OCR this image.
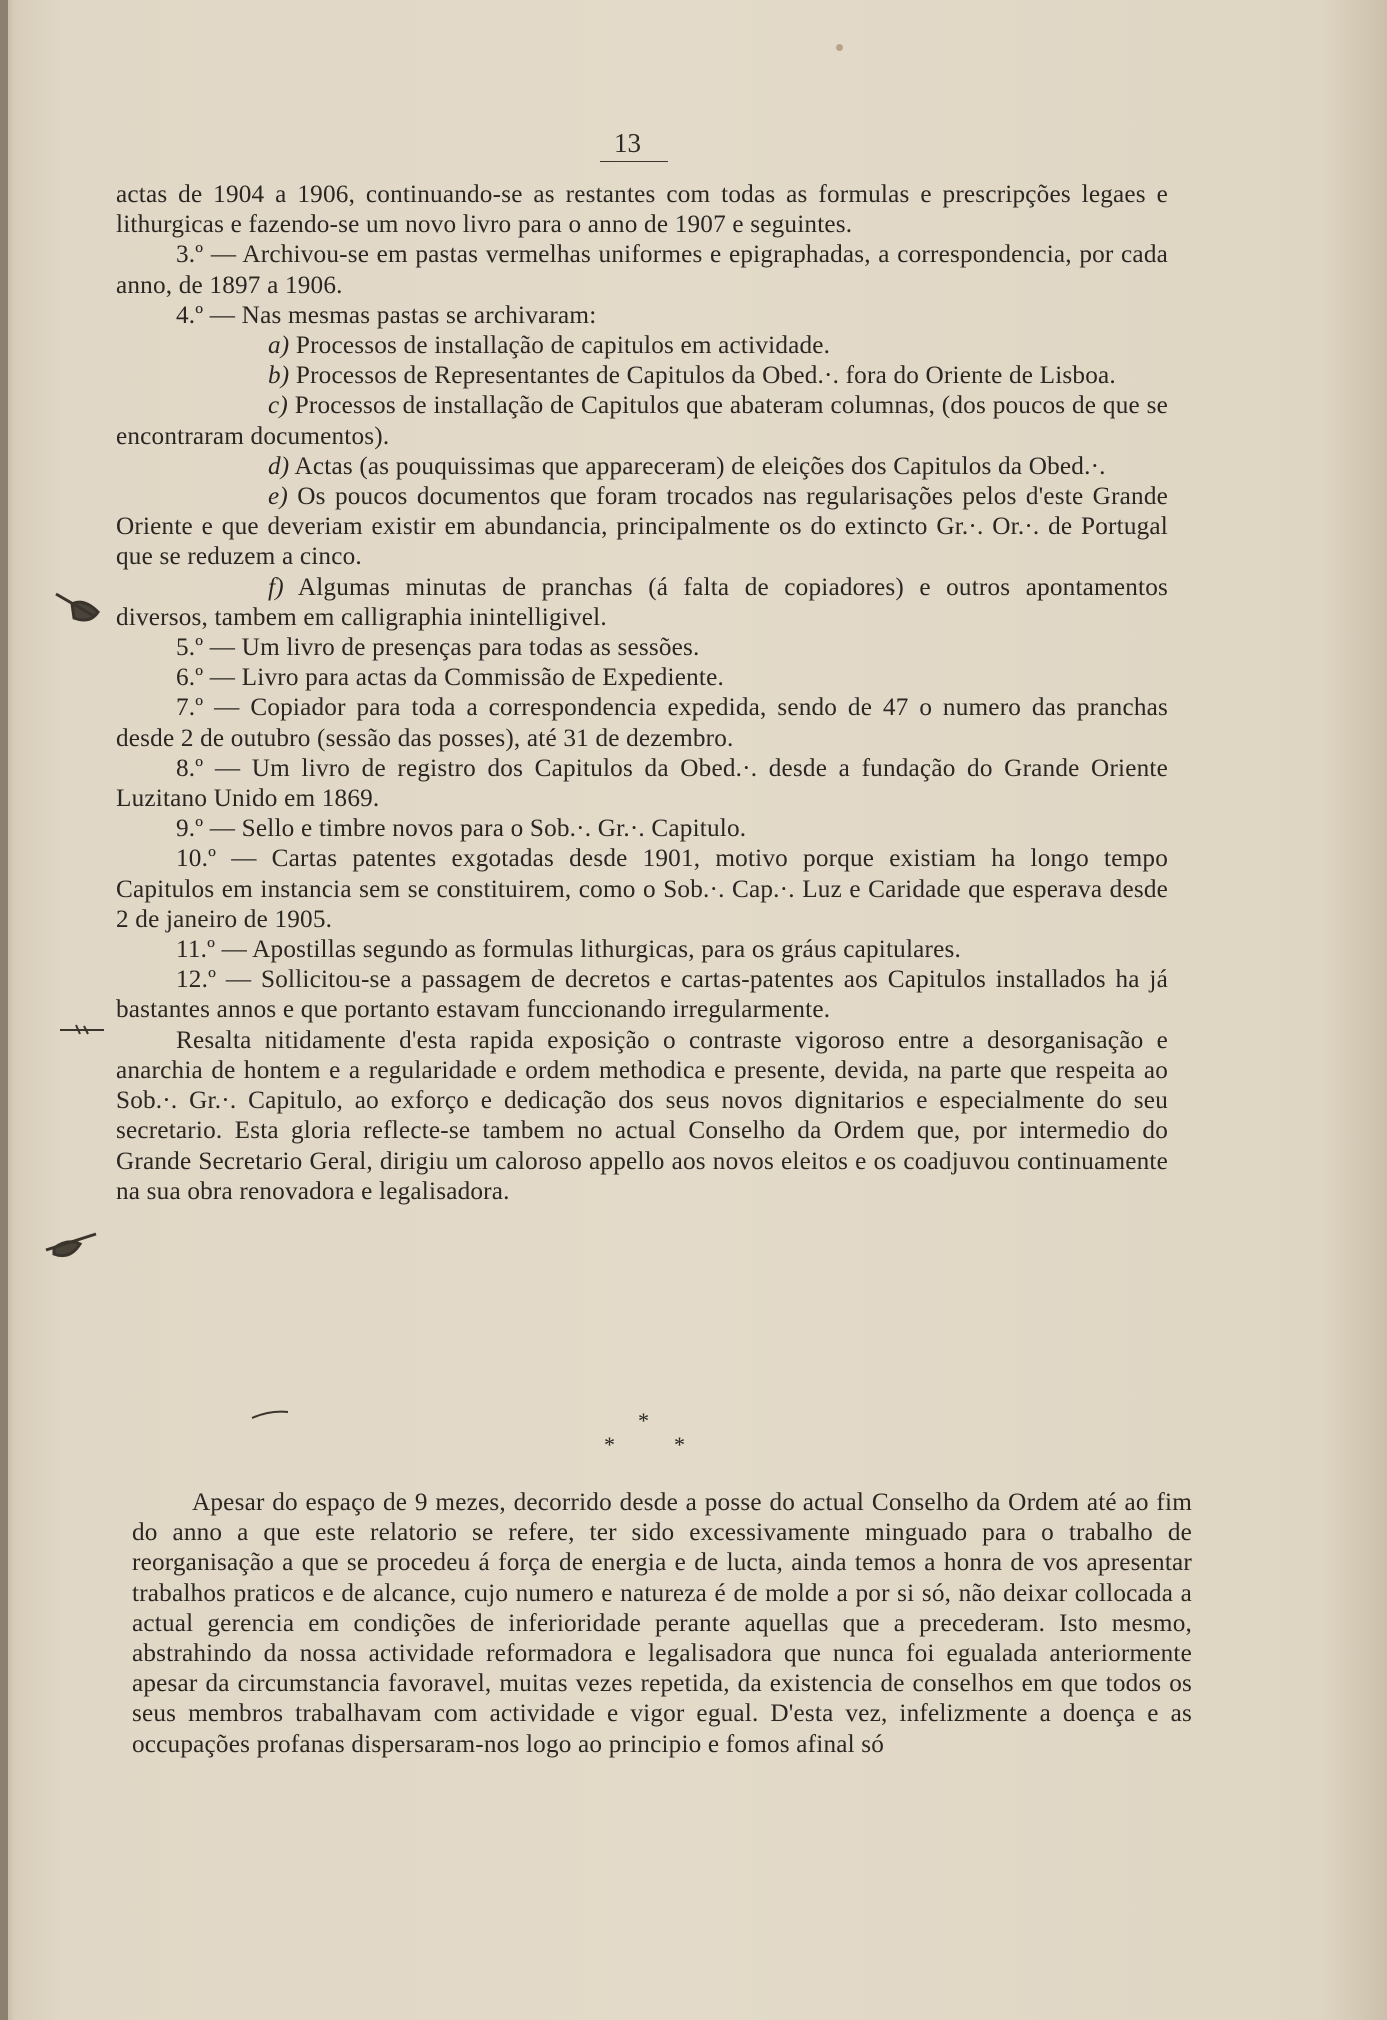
13

actas de 1904 a 1906, continuando-se as restantes com todas as formulas e prescripções legaes e lithurgicas e fazendo-se um novo livro para o anno de 1907 e seguintes.

3.º — Archivou-se em pastas vermelhas uniformes e epigraphadas, a correspondencia, por cada anno, de 1897 a 1906.

4.º — Nas mesmas pastas se archivaram:

a) Processos de installação de capitulos em actividade.

b) Processos de Representantes de Capitulos da Obed.·. fora do Oriente de Lisboa.

c) Processos de installação de Capitulos que abateram columnas, (dos poucos de que se encontraram documentos).

d) Actas (as pouquissimas que appareceram) de eleições dos Capitulos da Obed.·.

e) Os poucos documentos que foram trocados nas regularisações pelos d'este Grande Oriente e que deveriam existir em abundancia, principalmente os do extincto Gr.·. Or.·. de Portugal que se reduzem a cinco.

f) Algumas minutas de pranchas (á falta de copiadores) e outros apontamentos diversos, tambem em calligraphia inintelligivel.

5.º — Um livro de presenças para todas as sessões.

6.º — Livro para actas da Commissão de Expediente.

7.º — Copiador para toda a correspondencia expedida, sendo de 47 o numero das pranchas desde 2 de outubro (sessão das posses), até 31 de dezembro.

8.º — Um livro de registro dos Capitulos da Obed.·. desde a fundação do Grande Oriente Luzitano Unido em 1869.

9.º — Sello e timbre novos para o Sob.·. Gr.·. Capitulo.

10.º — Cartas patentes exgotadas desde 1901, motivo porque existiam ha longo tempo Capitulos em instancia sem se constituirem, como o Sob.·. Cap.·. Luz e Caridade que esperava desde 2 de janeiro de 1905.

11.º — Apostillas segundo as formulas lithurgicas, para os gráus capitulares.

12.º — Sollicitou-se a passagem de decretos e cartas-patentes aos Capitulos installados ha já bastantes annos e que portanto estavam funccionando irregularmente.

Resalta nitidamente d'esta rapida exposição o contraste vigoroso entre a desorganisação e anarchia de hontem e a regularidade e ordem methodica e presente, devida, na parte que respeita ao Sob.·. Gr.·. Capitulo, ao exforço e dedicação dos seus novos dignitarios e especialmente do seu secretario. Esta gloria reflecte-se tambem no actual Conselho da Ordem que, por intermedio do Grande Secretario Geral, dirigiu um caloroso appello aos novos eleitos e os coadjuvou continuamente na sua obra renovadora e legalisadora.

*
*	*

Apesar do espaço de 9 mezes, decorrido desde a posse do actual Conselho da Ordem até ao fim do anno a que este relatorio se refere, ter sido excessivamente minguado para o trabalho de reorganisação a que se procedeu á força de energia e de lucta, ainda temos a honra de vos apresentar trabalhos praticos e de alcance, cujo numero e natureza é de molde a por si só, não deixar collocada a actual gerencia em condições de inferioridade perante aquellas que a precederam. Isto mesmo, abstrahindo da nossa actividade reformadora e legalisadora que nunca foi egualada anteriormente apesar da circumstancia favoravel, muitas vezes repetida, da existencia de conselhos em que todos os seus membros trabalhavam com actividade e vigor egual. D'esta vez, infelizmente a doença e as occupações profanas dispersaram-nos logo ao principio e fomos afinal só
